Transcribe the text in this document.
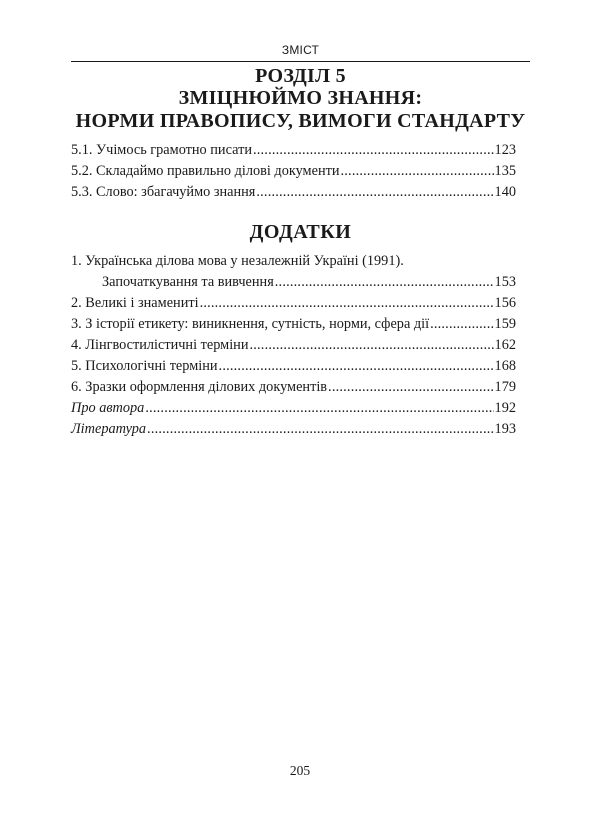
ЗМІСТ
РОЗДІЛ 5
ЗМІЦНЮЙМО ЗНАННЯ:
НОРМИ ПРАВОПИСУ, ВИМОГИ СТАНДАРТУ
5.1. Учімось грамотно писати .....	123
5.2. Складаймо правильно ділові документи .....	135
5.3. Слово: збагачуймо знання .....	140
ДОДАТКИ
1. Українська ділова мова у незалежній Україні (1991).
Започаткування та вивчення .....	153
2. Великі і знамениті .....	156
3. З історії етикету: виникнення, сутність, норми, сфера дії .....	159
4. Лінгвостилістичні терміни .....	162
5. Психологічні терміни .....	168
6. Зразки оформлення ділових документів .....	179
Про автора .....	192
Література .....	193
205
